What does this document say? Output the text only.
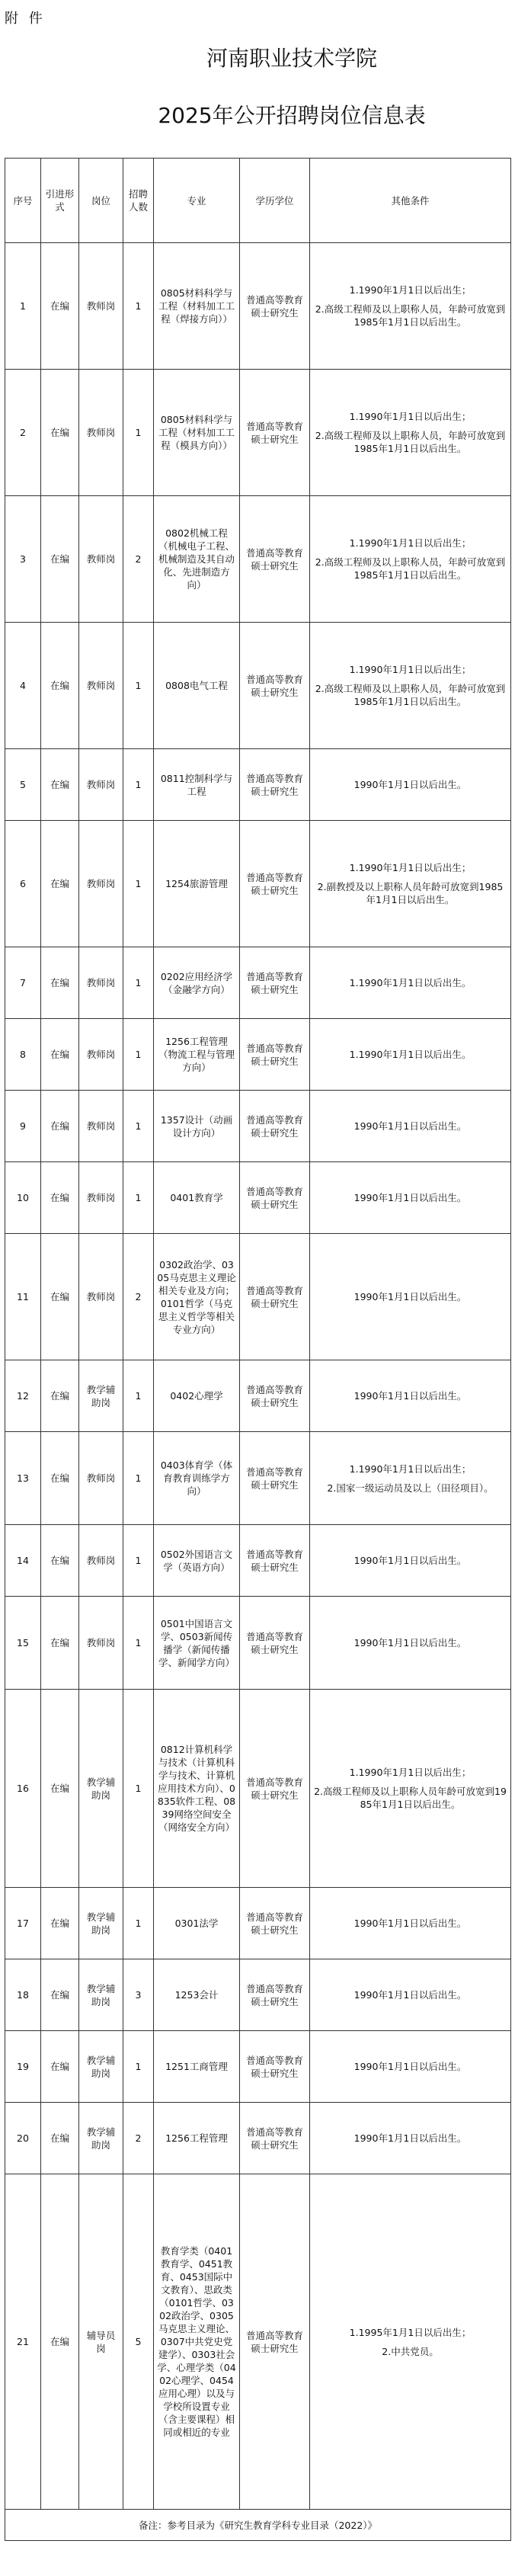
附 件
河南职业技术学院
2025年公开招聘岗位信息表
序号	引进形式	岗位	招聘人数	专业	学历学位	其他条件
1	在编	教师岗	1	0805材料科学与工程（材料加工工程（焊接方向））	普通高等教育硕士研究生	1.1990年1月1日以后出生；

2.高级工程师及以上职称人员，年龄可放宽到1985年1月1日以后出生。

2	在编	教师岗	1	0805材料科学与工程（材料加工工程（模具方向））	普通高等教育硕士研究生	1.1990年1月1日以后出生；

2.高级工程师及以上职称人员，年龄可放宽到1985年1月1日以后出生。

3	在编	教师岗	2	0802机械工程（机械电子工程、机械制造及其自动化、先进制造方向）	普通高等教育硕士研究生	1.1990年1月1日以后出生；

2.高级工程师及以上职称人员，年龄可放宽到1985年1月1日以后出生。

4	在编	教师岗	1	0808电气工程	普通高等教育硕士研究生	1.1990年1月1日以后出生；

2.高级工程师及以上职称人员，年龄可放宽到1985年1月1日以后出生。

5	在编	教师岗	1	0811控制科学与工程	普通高等教育硕士研究生	1990年1月1日以后出生。

6	在编	教师岗	1	1254旅游管理	普通高等教育硕士研究生	1.1990年1月1日以后出生；

2.副教授及以上职称人员年龄可放宽到1985年1月1日以后出生。

7	在编	教师岗	1	0202应用经济学（金融学方向）	普通高等教育硕士研究生	1.1990年1月1日以后出生。

8	在编	教师岗	1	1256工程管理（物流工程与管理方向）	普通高等教育硕士研究生	1.1990年1月1日以后出生。

9	在编	教师岗	1	1357设计（动画设计方向）	普通高等教育硕士研究生	1990年1月1日以后出生。

10	在编	教师岗	1	0401教育学	普通高等教育硕士研究生	1990年1月1日以后出生。

11	在编	教师岗	2	0302政治学、0305马克思主义理论相关专业及方向；0101哲学（马克思主义哲学等相关专业方向）	普通高等教育硕士研究生	1990年1月1日以后出生。

12	在编	教学辅助岗	1	0402心理学	普通高等教育硕士研究生	1990年1月1日以后出生。

13	在编	教师岗	1	0403体育学（体育教育训练学方向）	普通高等教育硕士研究生	1.1990年1月1日以后出生；

2.国家一级运动员及以上（田径项目）。

14	在编	教师岗	1	0502外国语言文学（英语方向）	普通高等教育硕士研究生	1990年1月1日以后出生。

15	在编	教师岗	1	0501中国语言文学、0503新闻传播学（新闻传播学、新闻学方向）	普通高等教育硕士研究生	1990年1月1日以后出生。

16	在编	教学辅助岗	1	0812计算机科学与技术（计算机科学与技术、计算机应用技术方向）、0835软件工程、0839网络空间安全（网络安全方向）	普通高等教育硕士研究生	1.1990年1月1日以后出生；

2.高级工程师及以上职称人员年龄可放宽到1985年1月1日以后出生。

17	在编	教学辅助岗	1	0301法学	普通高等教育硕士研究生	1990年1月1日以后出生。

18	在编	教学辅助岗	3	1253会计	普通高等教育硕士研究生	1990年1月1日以后出生。

19	在编	教学辅助岗	1	1251工商管理	普通高等教育硕士研究生	1990年1月1日以后出生。

20	在编	教学辅助岗	2	1256工程管理	普通高等教育硕士研究生	1990年1月1日以后出生。

21	在编	辅导员岗	5	教育学类（0401教育学、0451教育、0453国际中文教育）、思政类（0101哲学、0302政治学、0305马克思主义理论、0307中共党史党建学）、0303社会学、心理学类（0402心理学、0454应用心理）以及与学校所设置专业（含主要课程）相同或相近的专业	普通高等教育硕士研究生	1.1995年1月1日以后出生；

2.中共党员。

备注：参考目录为《研究生教育学科专业目录（2022）》						
